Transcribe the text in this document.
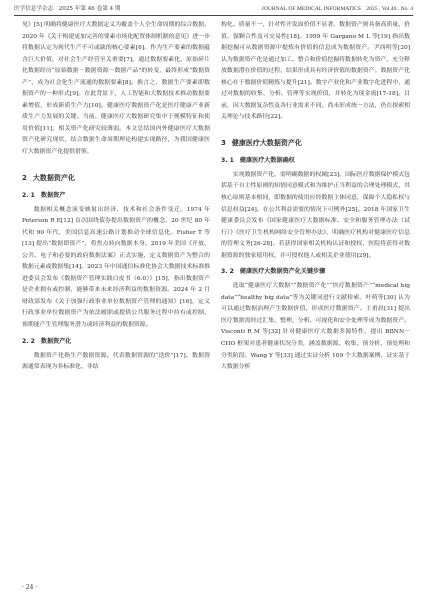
医学信息学杂志　2025 年第 46 卷第 4 期	JOURNAL OF MEDICAL INFORMATICS　2025 , Vol.46 , No. 4

见》[5] 明确将健康医疗大数据定义为覆盖个人全生命周期的综合数据。2020 年《关于构建更加完善的要素市场化配置体制机制的意见》进一步将数据认定为现代生产不可或缺的核心要素[6]。作为生产要素的数据蕴含巨大价值，对社会生产经营至关重要[7]。通过数据要素化，原始碎片化数据经历“原始数据－数据资源－数据产品”的转变，最终形成“数据资产”，成为社会化生产流通的数据要素[8]。换言之，数据生产要素即数据资产的一种形式[9]。在此背景下，人工智能和大数据技术推动数据要素增值，形成新质生产力[10]。健康医疗数据资产化是医疗健康产业新质生产力发展的关键。当前，健康医疗大数据研究集中于规模特征和使用价值[11]，相关资产化研究较薄弱。本文总结国内外健康医疗大数据资产化研究现状，结合数据生命周期理论构建实现路径，为我国健康医疗大数据资产化提供借鉴。

2 大数据资产化
2. 1 数据资产

数据相关概念演变映射出经济、技术和社会条件变迁。1974 年 Peterson R E[12] 首次围绕债券提出数据资产的概念。20 世纪 80 年代和 90 年代，美国信息高速公路计划推动全球信息化。Fisher T 等[13] 提出“数据即资产”，将焦点转向数据本身。2019 年美国《开放、公共、电子和必要的政府数据法案》正式实施，定义数据资产为整合的数据元素或数据集[14]。2023 年中国通信标准化协会大数据技术标准推进委员会发布《数据资产管理实践白皮书（6.0）》[15]，指出数据资产是企业拥有或控制，能够带来未来经济利益的数据资源。2024 年 2 月财政部发布《关于加强行政事业单位数据资产管理的通知》[16]，定义行政事业单位数据资产为依法履职或提供公共服务过程中持有或控制、预期能产生管理服务潜力或经济利益的数据资源。

2. 2 数据资产化

数据资产化指生产数据资源、代表数据资源的“迭价”[17]。数据资源通常表现为非标准化、非结

构化、质量不一，针对性开发面价值不显著。数据资产则具备高质量、价值、强颗合性及可交易性[18]。1999 年 Gargano M L 等[19] 指出数据挖掘可从数据资源中提炼有价值的信息成为数据资产。尹西明等[20] 认为数据资产化是通过加工、整合和价值挖掘将数据转化为资产，充分释放数据潜在价值的过程，结果形成具有经济价值的数据资产。数据资产化核心在于数据价值精炼与提升[21]。数字产业化和产业数字化进程中，通过对数据的收集、分析、管理等实现价值，并转化为现金流[17-18]。目前，因大数据复杂性及各行业需求不同，尚未形成统一方法，仍在探索相关理论与技术路径[22]。

3 健康医疗大数据资产化
3. 1 健康医疗大数据确权

实现数据资产化，需明确数据的权属[23]。国际医疗数据保护模式包括基于自主性原则的知情同意模式和为维护正当利益的合理处理模式，其核心原则基本相同，即数据的使用应经数据主体同意，保障个人隐私权与信息权益[24]。在公共利益需要的情况下可例外[25]。2018 年国家卫生健康委员会发布《国家健康医疗大数据标准、安全和服务管理办法（试行）》《医疗卫生机构网络安全管理办法》，明确医疗机构对健康医疗信息的管理义务[26-28]。若获得国家相关机构认证和授权，医院将获得对数据资源的独家使用权，并可授权他人或相关企业使用[29]。

3. 2 健康医疗大数据资产化关键步骤

选取“健康医疗大数据”“数据资产化”“医疗数据资产”“medical big data”“healthy big data”等为关键词进行文献检索。叶萌等[30] 认为可以通过数据治理产生数据价值，形成医疗数据资产。王甫晨[31] 提出医疗数据需经过汇集、整理、分析、可视化和安全处理等成为数据资产。Visconti R M 等[32] 针对健康医疗大数据多源特性，提出 BBNN－CHO 框架对患者健康状况分类，涵盖数据源、收集、预分析、预处理和分类阶段。Wang Y 等[33] 通过实证分析 109 个大数据案例，证实基于大数据分析

· 24 ·
